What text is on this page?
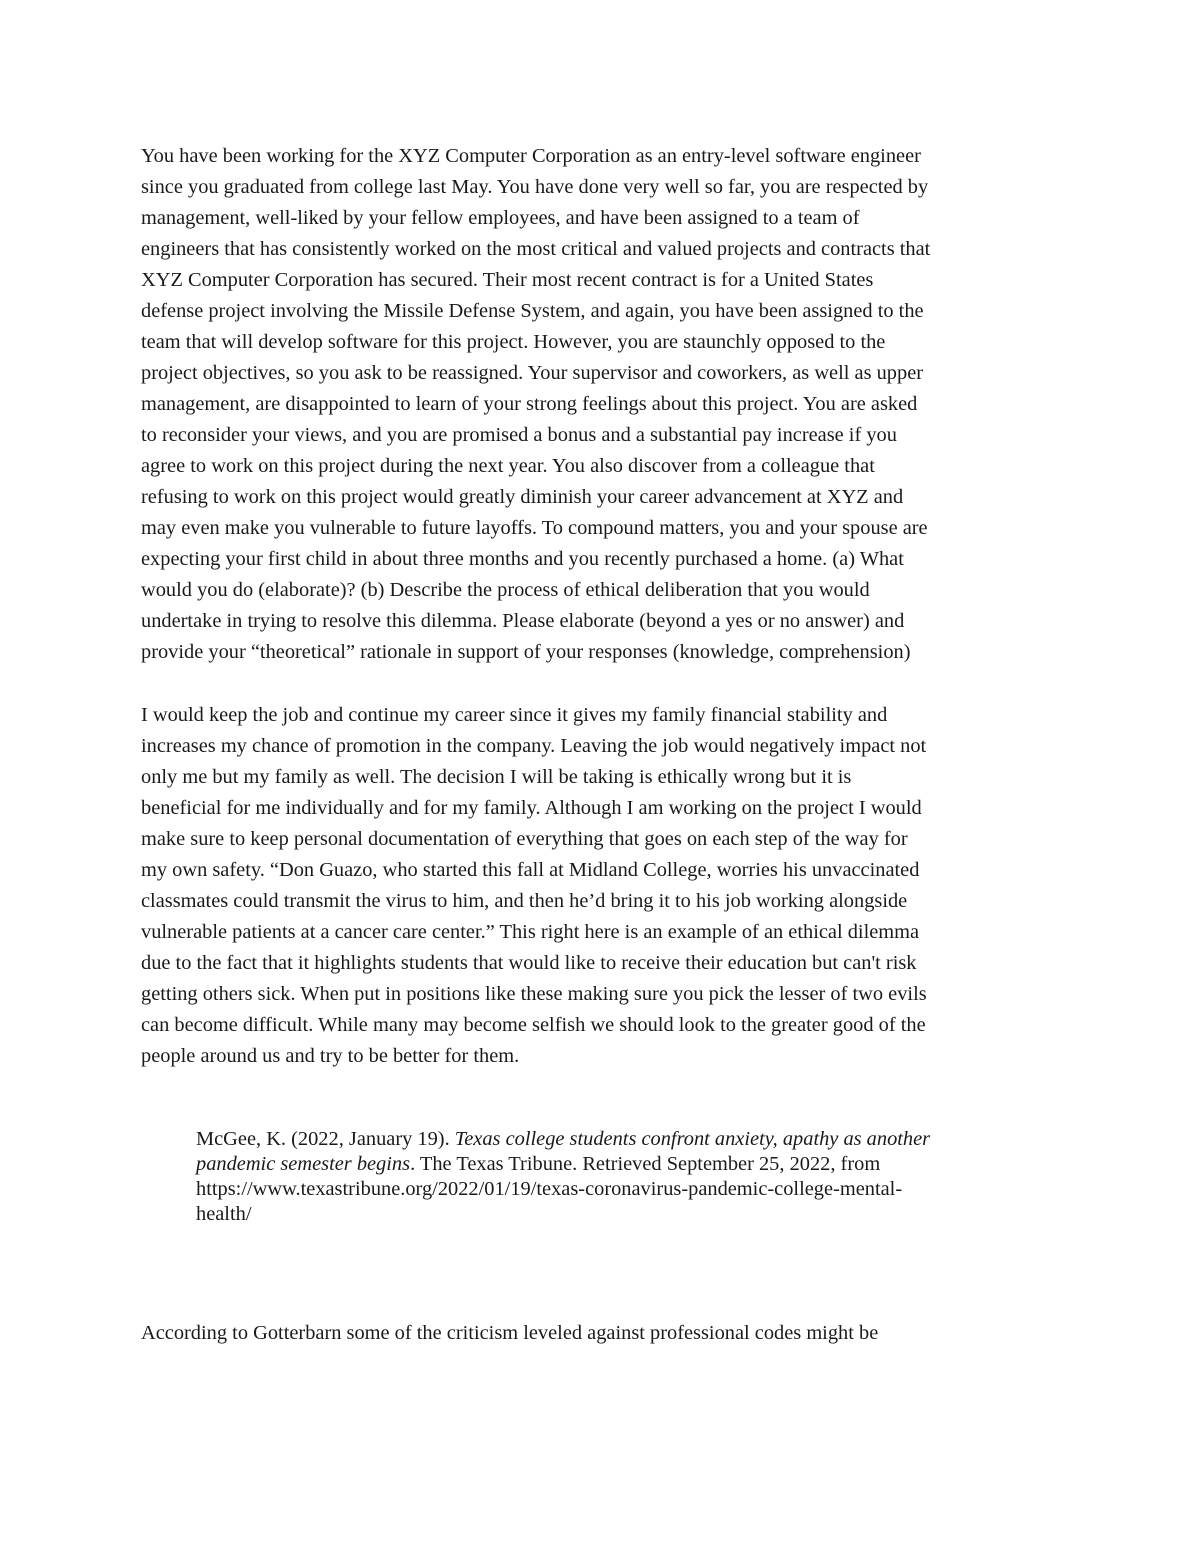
You have been working for the XYZ Computer Corporation as an entry-level software engineer
since you graduated from college last May. You have done very well so far, you are respected by
management, well-liked by your fellow employees, and have been assigned to a team of
engineers that has consistently worked on the most critical and valued projects and contracts that
XYZ Computer Corporation has secured. Their most recent contract is for a United States
defense project involving the Missile Defense System, and again, you have been assigned to the
team that will develop software for this project. However, you are staunchly opposed to the
project objectives, so you ask to be reassigned. Your supervisor and coworkers, as well as upper
management, are disappointed to learn of your strong feelings about this project. You are asked
to reconsider your views, and you are promised a bonus and a substantial pay increase if you
agree to work on this project during the next year. You also discover from a colleague that
refusing to work on this project would greatly diminish your career advancement at XYZ and
may even make you vulnerable to future layoffs. To compound matters, you and your spouse are
expecting your first child in about three months and you recently purchased a home. (a) What
would you do (elaborate)? (b) Describe the process of ethical deliberation that you would
undertake in trying to resolve this dilemma. Please elaborate (beyond a yes or no answer) and
provide your “theoretical” rationale in support of your responses (knowledge, comprehension)
I would keep the job and continue my career since it gives my family financial stability and
increases my chance of promotion in the company. Leaving the job would negatively impact not
only me but my family as well. The decision I will be taking is ethically wrong but it is
beneficial for me individually and for my family. Although I am working on the project I would
make sure to keep personal documentation of everything that goes on each step of the way for
my own safety. “Don Guazo, who started this fall at Midland College, worries his unvaccinated
classmates could transmit the virus to him, and then he’d bring it to his job working alongside
vulnerable patients at a cancer care center.” This right here is an example of an ethical dilemma
due to the fact that it highlights students that would like to receive their education but can't risk
getting others sick. When put in positions like these making sure you pick the lesser of two evils
can become difficult. While many may become selfish we should look to the greater good of the
people around us and try to be better for them.
McGee, K. (2022, January 19). Texas college students confront anxiety, apathy as another
pandemic semester begins. The Texas Tribune. Retrieved September 25, 2022, from
https://www.texastribune.org/2022/01/19/texas-coronavirus-pandemic-college-mental-
health/
According to Gotterbarn some of the criticism leveled against professional codes might be
